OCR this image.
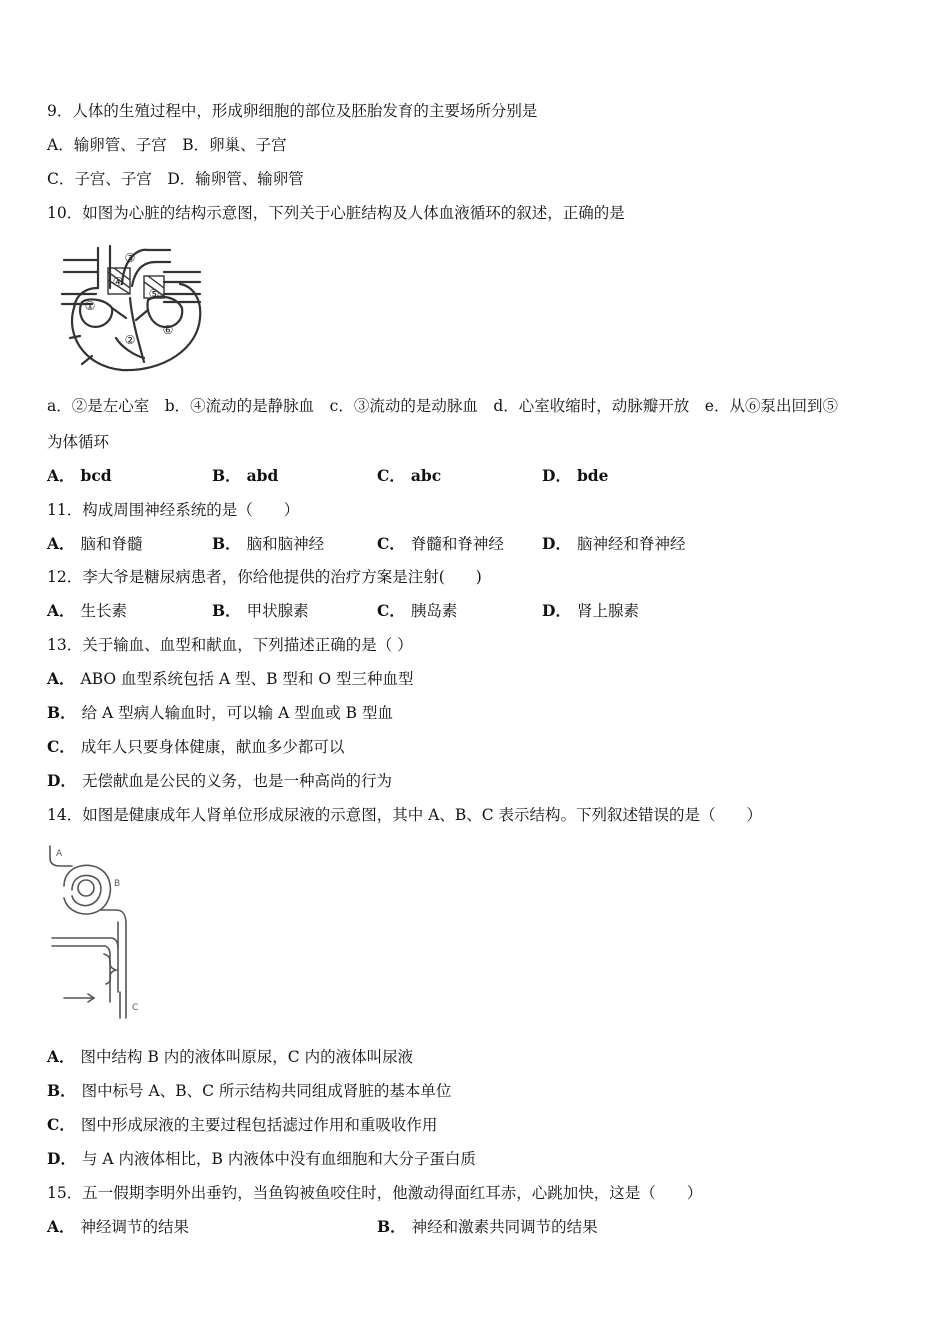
9．人体的生殖过程中，形成卵细胞的部位及胚胎发育的主要场所分别是
A．输卵管、子宫　B．卵巢、子宫
C．子宫、子宫　D．输卵管、输卵管
10．如图为心脏的结构示意图，下列关于心脏结构及人体血液循环的叙述，正确的是
①
②
③
④
⑤
⑥
a．②是左心室　b．④流动的是静脉血　c．③流动的是动脉血　d．心室收缩时，动脉瓣开放　e．从⑥泵出回到⑤
为体循环
A． bcd	B． abd	C． abc	D． bde
11．构成周围神经系统的是（　　）
A． 脑和脊髓	B． 脑和脑神经	C． 脊髓和脊神经 D． 脑神经和脊神经
12．李大爷是糖尿病患者，你给他提供的治疗方案是注射(　　)
A． 生长素	B． 甲状腺素	C． 胰岛素	D． 肾上腺素
13．关于输血、血型和献血，下列描述正确的是（ ）
A． ABO 血型系统包括 A 型、B 型和 O 型三种血型
B． 给 A 型病人输血时，可以输 A 型血或 B 型血
C． 成年人只要身体健康，献血多少都可以
D． 无偿献血是公民的义务，也是一种高尚的行为
14．如图是健康成年人肾单位形成尿液的示意图，其中 A、B、C 表示结构。下列叙述错误的是（　　）
A
B
C
A． 图中结构 B 内的液体叫原尿，C 内的液体叫尿液
B． 图中标号 A、B、C 所示结构共同组成肾脏的基本单位
C． 图中形成尿液的主要过程包括滤过作用和重吸收作用
D． 与 A 内液体相比，B 内液体中没有血细胞和大分子蛋白质
15．五一假期李明外出垂钓，当鱼钩被鱼咬住时，他激动得面红耳赤，心跳加快，这是（　　）
A． 神经调节的结果	B． 神经和激素共同调节的结果
